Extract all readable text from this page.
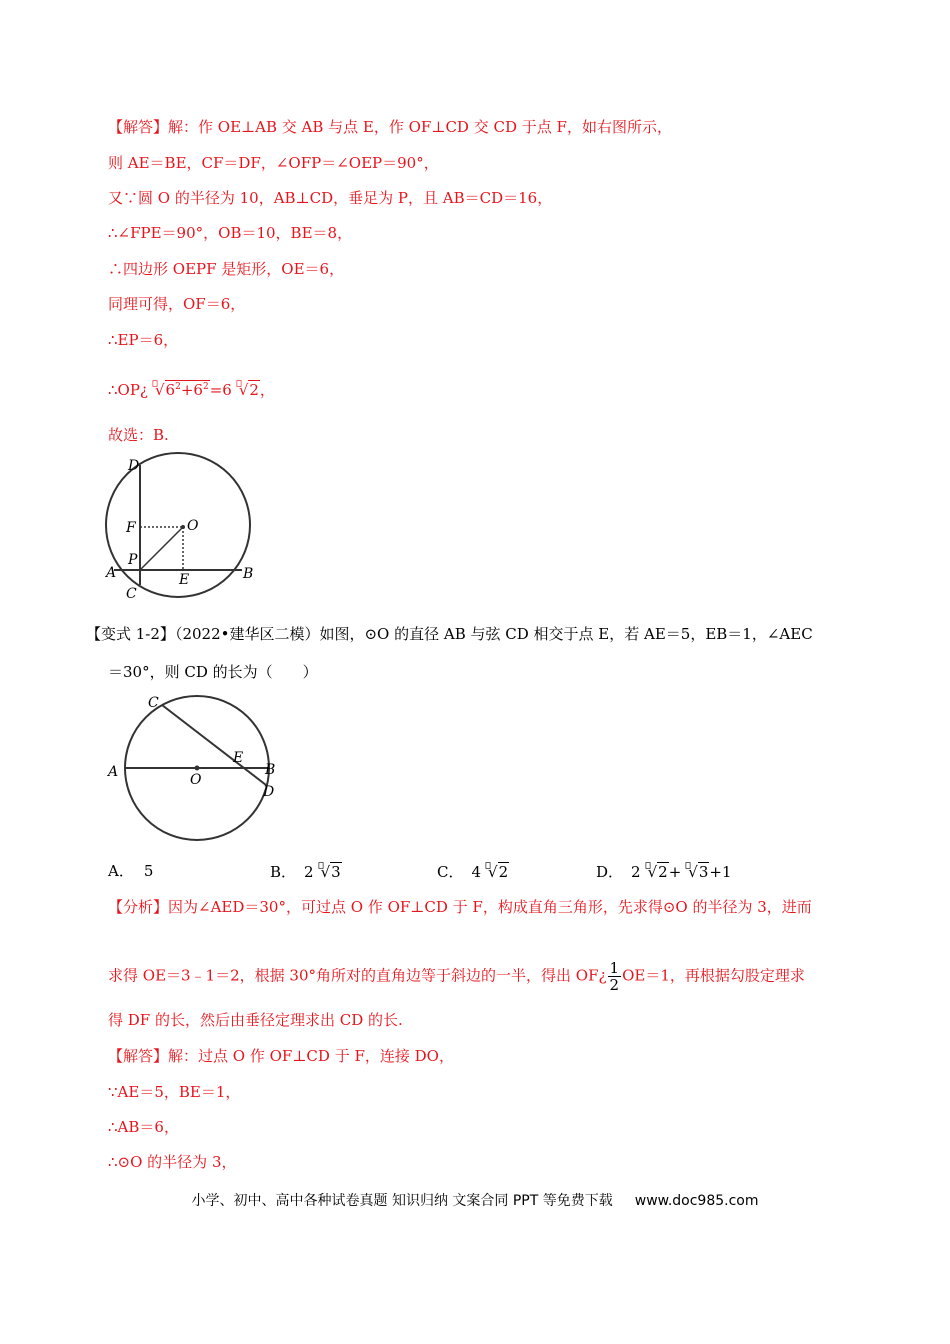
【解答】解：作 OE⊥AB 交 AB 与点 E，作 OF⊥CD 交 CD 于点 F，如右图所示，
则 AE＝BE，CF＝DF，∠OFP＝∠OEP＝90°，
又∵圆 O 的半径为 10，AB⊥CD，垂足为 P，且 AB＝CD＝16，
∴∠FPE＝90°，OB＝10，BE＝8，
∴四边形 OEPF 是矩形，OE＝6，
同理可得，OF＝6，
∴EP＝6，
∴OP¿ $√6^2+6^2=6$ √2，
故选：B.
D
F	O
P
A	E	B
C
【变式 1-2】（2022•建华区二模）如图，⊙O 的直径 AB 与弦 CD 相交于点 E，若 AE＝5，EB＝1，∠AEC
＝30°，则 CD 的长为（　　）
C
E
A	O
B
D
A． 5	B． 2 √3	C． 4 √2	D． 2 √2+ √3+1
【分析】因为∠AED＝30°，可过点 O 作 OF⊥CD 于 F，构成直角三角形，先求得⊙O 的半径为 3，进而
求得 OE＝3﹣1＝2，根据 30°角所对的直角边等于斜边的一半，得出 OF¿ $\frac{1}{2} OE=1$，再根据勾股定理求
得 DF 的长，然后由垂径定理求出 CD 的长.
【解答】解：过点 O 作 OF⊥CD 于 F，连接 DO，
∵AE＝5，BE＝1，
∴AB＝6，
∴⊙O 的半径为 3，
小学、初中、高中各种试卷真题 知识归纳 文案合同 PPT 等免费下载 www.doc985.com
